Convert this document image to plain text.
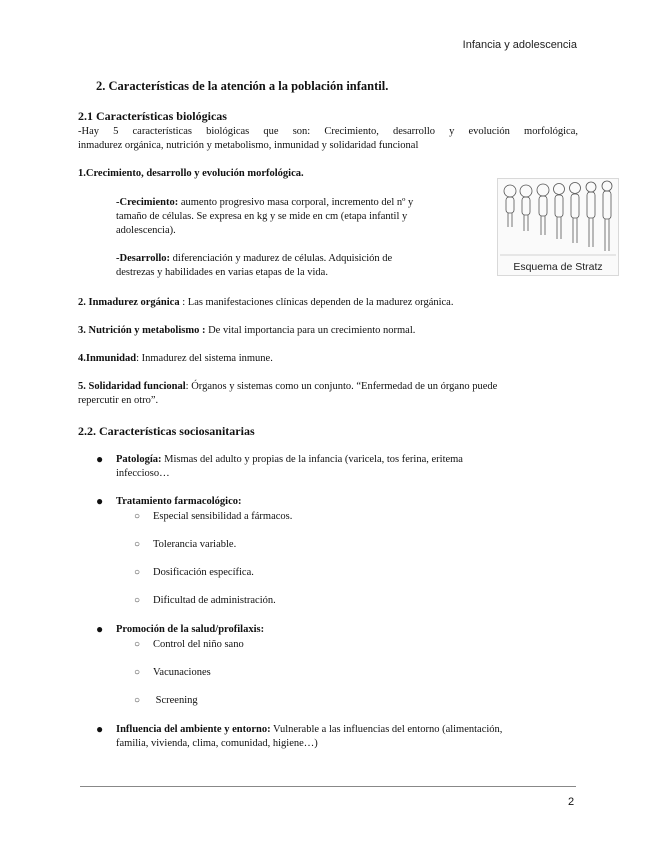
Infancia y adolescencia
2. Características de la atención a la población infantil.
2.1 Características biológicas
-Hay 5 características biológicas que son: Crecimiento, desarrollo y evolución morfológica,
inmadurez orgánica, nutrición y metabolismo, inmunidad y solidaridad funcional
1.Crecimiento, desarrollo y evolución morfológica.
-Crecimiento: aumento progresivo masa corporal, incremento del nº y
tamaño de células. Se expresa en kg y se mide en cm (etapa infantil y
adolescencia).
-Desarrollo: diferenciación y madurez de células. Adquisición de
destrezas y habilidades en varias etapas de la vida.	Esquema de Stratz
2. Inmadurez orgánica : Las manifestaciones clínicas dependen de la madurez orgánica.
3. Nutrición y metabolismo : De vital importancia para un crecimiento normal.
4.Inmunidad: Inmadurez del sistema inmune.
5. Solidaridad funcional: Órganos y sistemas como un conjunto. “Enfermedad de un órgano puede
repercutir en otro”.
2.2. Características sociosanitarias
● Patología: Mismas del adulto y propias de la infancia (varicela, tos ferina, eritema
infeccioso…
● Tratamiento farmacológico:
○ Especial sensibilidad a fármacos.
○ Tolerancia variable.
○ Dosificación específica.
○ Dificultad de administración.
● Promoción de la salud/profilaxis:
○ Control del niño sano
○ Vacunaciones
○ Screening
● Influencia del ambiente y entorno: Vulnerable a las influencias del entorno (alimentación,
familia, vivienda, clima, comunidad, higiene…)
2
